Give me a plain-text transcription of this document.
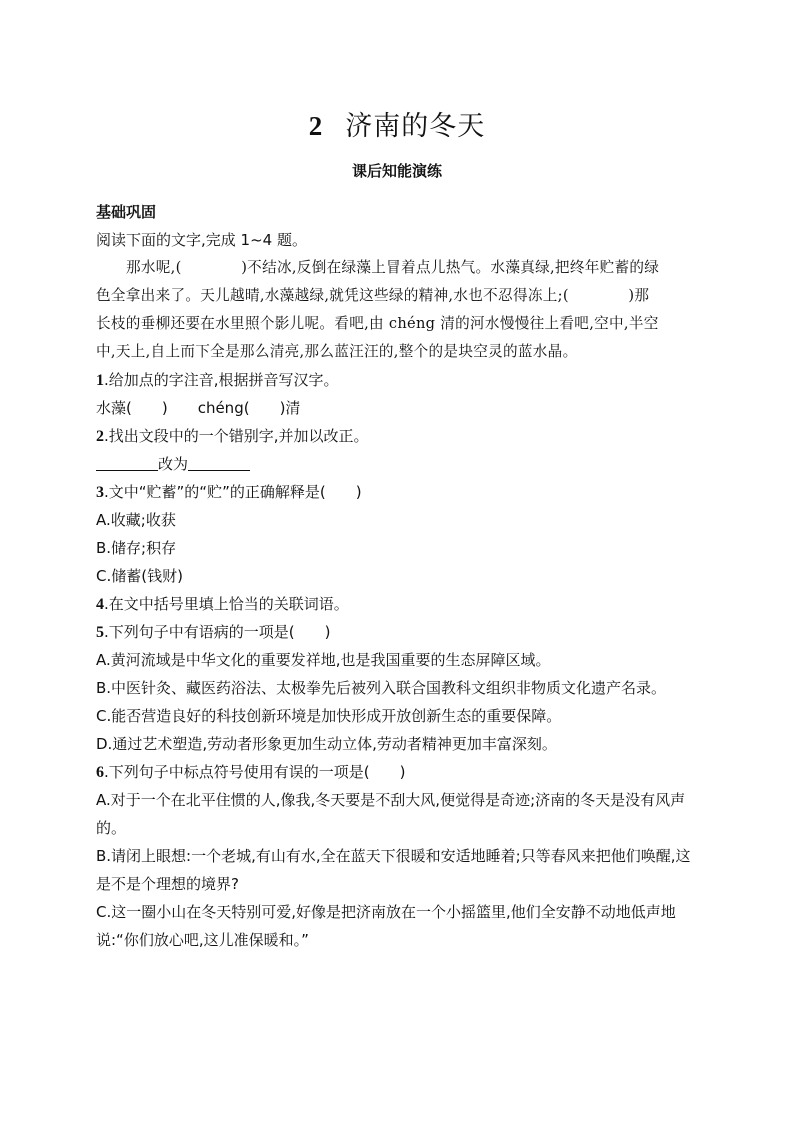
2 济南的冬天
课后知能演练
基础巩固
阅读下面的文字,完成 1~4 题。
那水呢,(　　　　)不结冰,反倒在绿藻上冒着点儿热气。水藻真绿,把终年贮蓄的绿
色全拿出来了。天儿越晴,水藻越绿,就凭这些绿的精神,水也不忍得冻上;(　　　　)那
长枝的垂柳还要在水里照个影儿呢。看吧,由 chéng 清的河水慢慢往上看吧,空中,半空
中,天上,自上而下全是那么清亮,那么蓝汪汪的,整个的是块空灵的蓝水晶。
1.给加点的字注音,根据拼音写汉字。
水藻(　　)　　chéng(　　)清
2.找出文段中的一个错别字,并加以改正。
改为
3.文中“贮蓄”的“贮”的正确解释是(　　)
A.收藏;收获
B.储存;积存
C.储蓄(钱财)
4.在文中括号里填上恰当的关联词语。
5.下列句子中有语病的一项是(　　)
A.黄河流域是中华文化的重要发祥地,也是我国重要的生态屏障区域。
B.中医针灸、藏医药浴法、太极拳先后被列入联合国教科文组织非物质文化遗产名录。
C.能否营造良好的科技创新环境是加快形成开放创新生态的重要保障。
D.通过艺术塑造,劳动者形象更加生动立体,劳动者精神更加丰富深刻。
6.下列句子中标点符号使用有误的一项是(　　)
A.对于一个在北平住惯的人,像我,冬天要是不刮大风,便觉得是奇迹;济南的冬天是没有风声的。
B.请闭上眼想:一个老城,有山有水,全在蓝天下很暖和安适地睡着;只等春风来把他们唤醒,这是不是个理想的境界?
C.这一圈小山在冬天特别可爱,好像是把济南放在一个小摇篮里,他们全安静不动地低声地说:“你们放心吧,这儿准保暖和。”
